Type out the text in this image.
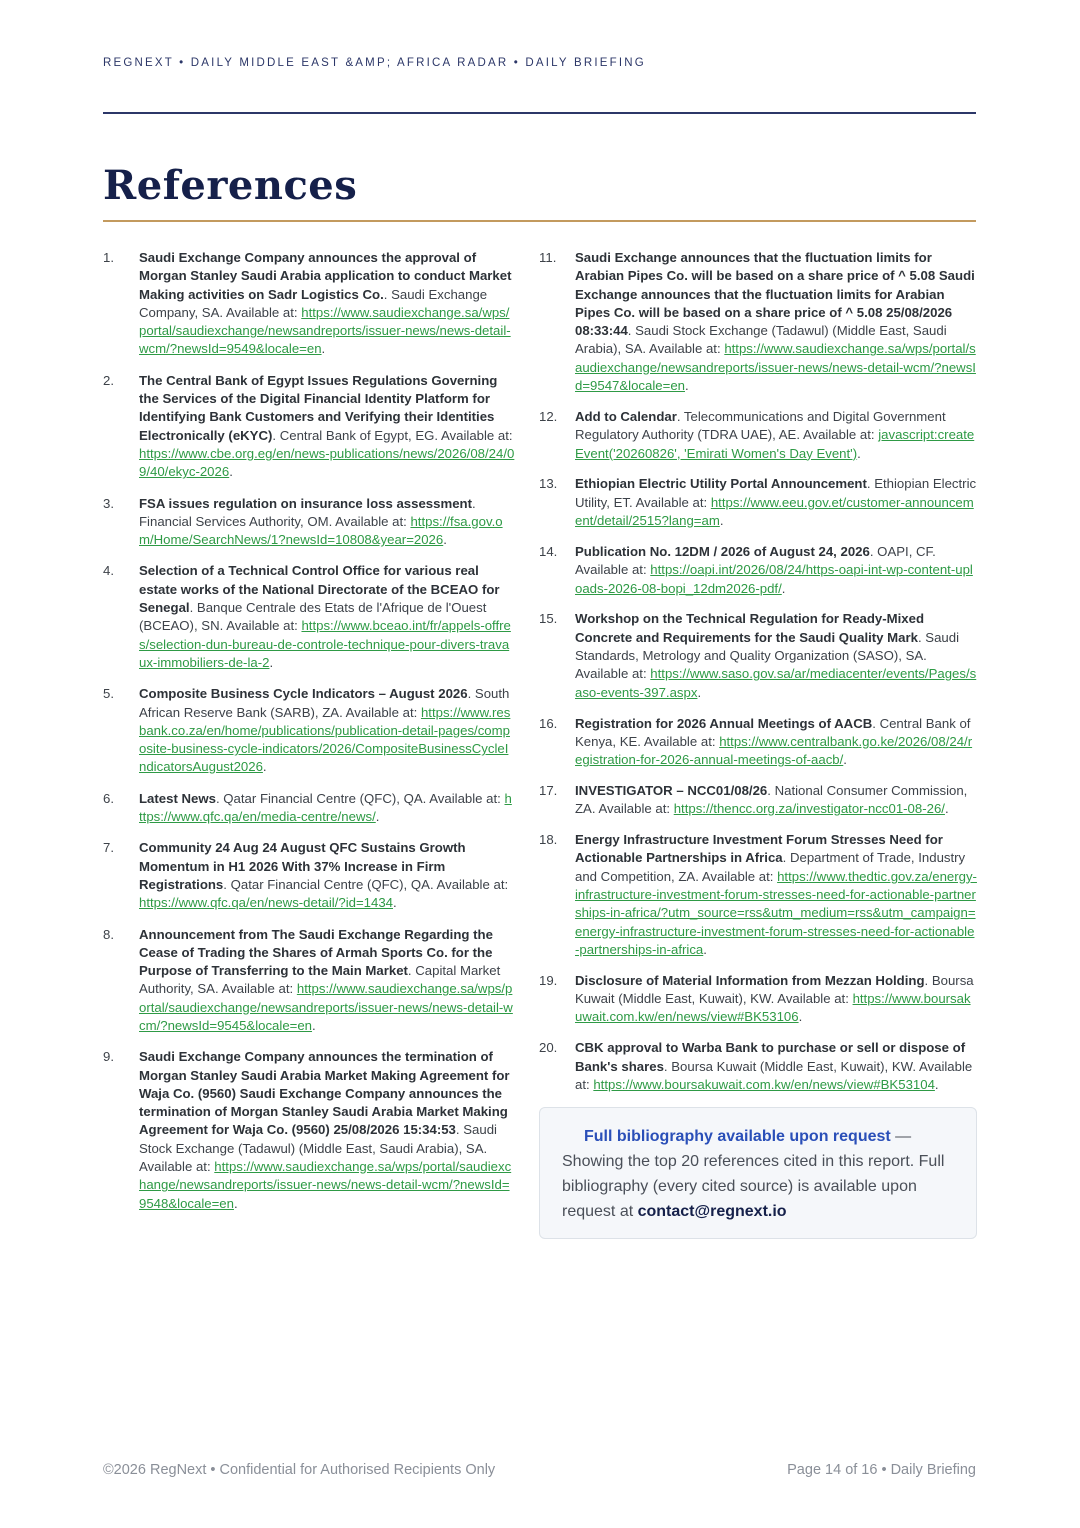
REGNEXT • DAILY MIDDLE EAST &AMP; AFRICA RADAR • DAILY BRIEFING
References
1. Saudi Exchange Company announces the approval of Morgan Stanley Saudi Arabia application to conduct Market Making activities on Sadr Logistics Co.. Saudi Exchange Company, SA. Available at: https://www.saudiexchange.sa/wps/portal/saudiexchange/newsandreports/issuer-news/news-detail-wcm/?newsId=9549&locale=en.
2. The Central Bank of Egypt Issues Regulations Governing the Services of the Digital Financial Identity Platform for Identifying Bank Customers and Verifying their Identities Electronically (eKYC). Central Bank of Egypt, EG. Available at: https://www.cbe.org.eg/en/news-publications/news/2026/08/24/09/40/ekyc-2026.
3. FSA issues regulation on insurance loss assessment. Financial Services Authority, OM. Available at: https://fsa.gov.om/Home/SearchNews/1?newsId=10808&year=2026.
4. Selection of a Technical Control Office for various real estate works of the National Directorate of the BCEAO for Senegal. Banque Centrale des Etats de l'Afrique de l'Ouest (BCEAO), SN. Available at: https://www.bceao.int/fr/appels-offres/selection-dun-bureau-de-controle-technique-pour-divers-travaux-immobiliers-de-la-2.
5. Composite Business Cycle Indicators – August 2026. South African Reserve Bank (SARB), ZA. Available at: https://www.resbank.co.za/en/home/publications/publication-detail-pages/composite-business-cycle-indicators/2026/CompositeBusinessCycleIndicatorsAugust2026.
6. Latest News. Qatar Financial Centre (QFC), QA. Available at: https://www.qfc.qa/en/media-centre/news/.
7. Community 24 Aug 24 August QFC Sustains Growth Momentum in H1 2026 With 37% Increase in Firm Registrations. Qatar Financial Centre (QFC), QA. Available at: https://www.qfc.qa/en/news-detail/?id=1434.
8. Announcement from The Saudi Exchange Regarding the Cease of Trading the Shares of Armah Sports Co. for the Purpose of Transferring to the Main Market. Capital Market Authority, SA. Available at: https://www.saudiexchange.sa/wps/portal/saudiexchange/newsandreports/issuer-news/news-detail-wcm/?newsId=9545&locale=en.
9. Saudi Exchange Company announces the termination of Morgan Stanley Saudi Arabia Market Making Agreement for Waja Co. (9560) Saudi Exchange Company announces the termination of Morgan Stanley Saudi Arabia Market Making Agreement for Waja Co. (9560) 25/08/2026 15:34:53. Saudi Stock Exchange (Tadawul) (Middle East, Saudi Arabia), SA. Available at: https://www.saudiexchange.sa/wps/portal/saudiexchange/newsandreports/issuer-news/news-detail-wcm/?newsId=9548&locale=en.
11. Saudi Exchange announces that the fluctuation limits for Arabian Pipes Co. will be based on a share price of ^ 5.08 Saudi Exchange announces that the fluctuation limits for Arabian Pipes Co. will be based on a share price of ^ 5.08 25/08/2026 08:33:44. Saudi Stock Exchange (Tadawul) (Middle East, Saudi Arabia), SA. Available at: https://www.saudiexchange.sa/wps/portal/saudiexchange/newsandreports/issuer-news/news-detail-wcm/?newsId=9547&locale=en.
12. Add to Calendar. Telecommunications and Digital Government Regulatory Authority (TDRA UAE), AE. Available at: javascript:createEvent('20260826', 'Emirati Women's Day Event').
13. Ethiopian Electric Utility Portal Announcement. Ethiopian Electric Utility, ET. Available at: https://www.eeu.gov.et/customer-announcement/detail/2515?lang=am.
14. Publication No. 12DM / 2026 of August 24, 2026. OAPI, CF. Available at: https://oapi.int/2026/08/24/https-oapi-int-wp-content-uploads-2026-08-bopi_12dm2026-pdf/.
15. Workshop on the Technical Regulation for Ready-Mixed Concrete and Requirements for the Saudi Quality Mark. Saudi Standards, Metrology and Quality Organization (SASO), SA. Available at: https://www.saso.gov.sa/ar/mediacenter/events/Pages/saso-events-397.aspx.
16. Registration for 2026 Annual Meetings of AACB. Central Bank of Kenya, KE. Available at: https://www.centralbank.go.ke/2026/08/24/registration-for-2026-annual-meetings-of-aacb/.
17. INVESTIGATOR – NCC01/08/26. National Consumer Commission, ZA. Available at: https://thencc.org.za/investigator-ncc01-08-26/.
18. Energy Infrastructure Investment Forum Stresses Need for Actionable Partnerships in Africa. Department of Trade, Industry and Competition, ZA. Available at: https://www.thedtic.gov.za/energy-infrastructure-investment-forum-stresses-need-for-actionable-partnerships-in-africa/?utm_source=rss&utm_medium=rss&utm_campaign=energy-infrastructure-investment-forum-stresses-need-for-actionable-partnerships-in-africa.
19. Disclosure of Material Information from Mezzan Holding. Boursa Kuwait (Middle East, Kuwait), KW. Available at: https://www.boursakuwait.com.kw/en/news/view#BK53106.
20. CBK approval to Warba Bank to purchase or sell or dispose of Bank's shares. Boursa Kuwait (Middle East, Kuwait), KW. Available at: https://www.boursakuwait.com.kw/en/news/view#BK53104.
Full bibliography available upon request — Showing the top 20 references cited in this report. Full bibliography (every cited source) is available upon request at contact@regnext.io
©2026 RegNext • Confidential for Authorised Recipients Only	Page 14 of 16 • Daily Briefing
